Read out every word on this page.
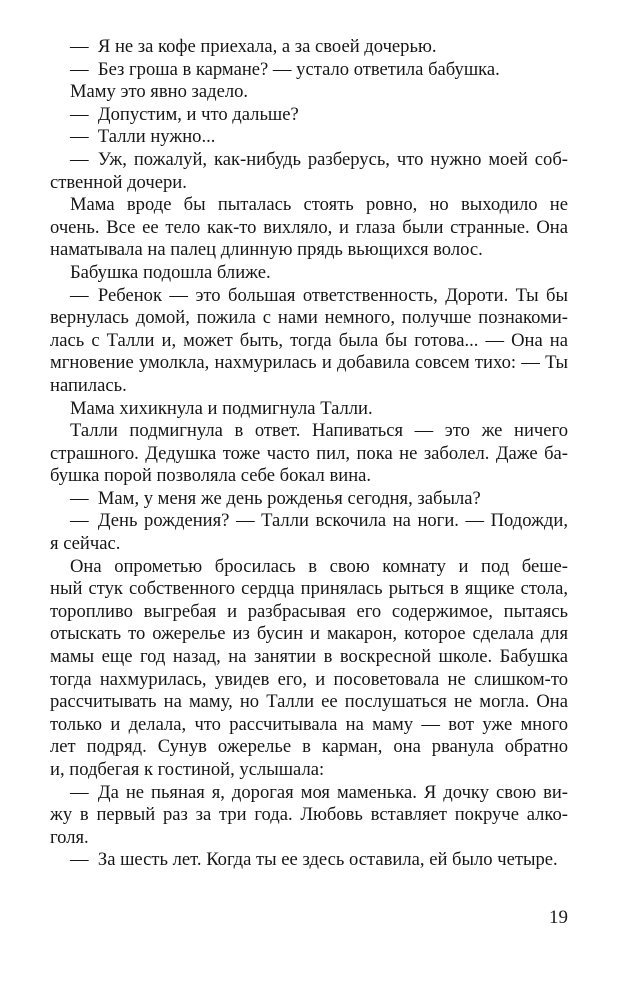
— Я не за кофе приехала, а за своей дочерью.
— Без гроша в кармане? — устало ответила бабушка.
Маму это явно задело.
— Допустим, и что дальше?
— Талли нужно...
— Уж, пожалуй, как-нибудь разберусь, что нужно моей соб-
ственной дочери.
Мама вроде бы пыталась стоять ровно, но выходило не
очень. Все ее тело как-то вихляло, и глаза были странные. Она
наматывала на палец длинную прядь вьющихся волос.
Бабушка подошла ближе.
— Ребенок — это большая ответственность, Дороти. Ты бы
вернулась домой, пожила с нами немного, получше познакоми-
лась с Талли и, может быть, тогда была бы готова... — Она на
мгновение умолкла, нахмурилась и добавила совсем тихо: — Ты
напилась.
Мама хихикнула и подмигнула Талли.
Талли подмигнула в ответ. Напиваться — это же ничего
страшного. Дедушка тоже часто пил, пока не заболел. Даже ба-
бушка порой позволяла себе бокал вина.
— Мам, у меня же день рожденья сегодня, забыла?
— День рождения? — Талли вскочила на ноги. — Подожди,
я сейчас.
Она опрометью бросилась в свою комнату и под беше-
ный стук собственного сердца принялась рыться в ящике стола,
торопливо выгребая и разбрасывая его содержимое, пытаясь
отыскать то ожерелье из бусин и макарон, которое сделала для
мамы еще год назад, на занятии в воскресной школе. Бабушка
тогда нахмурилась, увидев его, и посоветовала не слишком-то
рассчитывать на маму, но Талли ее послушаться не могла. Она
только и делала, что рассчитывала на маму — вот уже много
лет подряд. Сунув ожерелье в карман, она рванула обратно
и, подбегая к гостиной, услышала:
— Да не пьяная я, дорогая моя маменька. Я дочку свою ви-
жу в первый раз за три года. Любовь вставляет покруче алко-
голя.
— За шесть лет. Когда ты ее здесь оставила, ей было четыре.
19
